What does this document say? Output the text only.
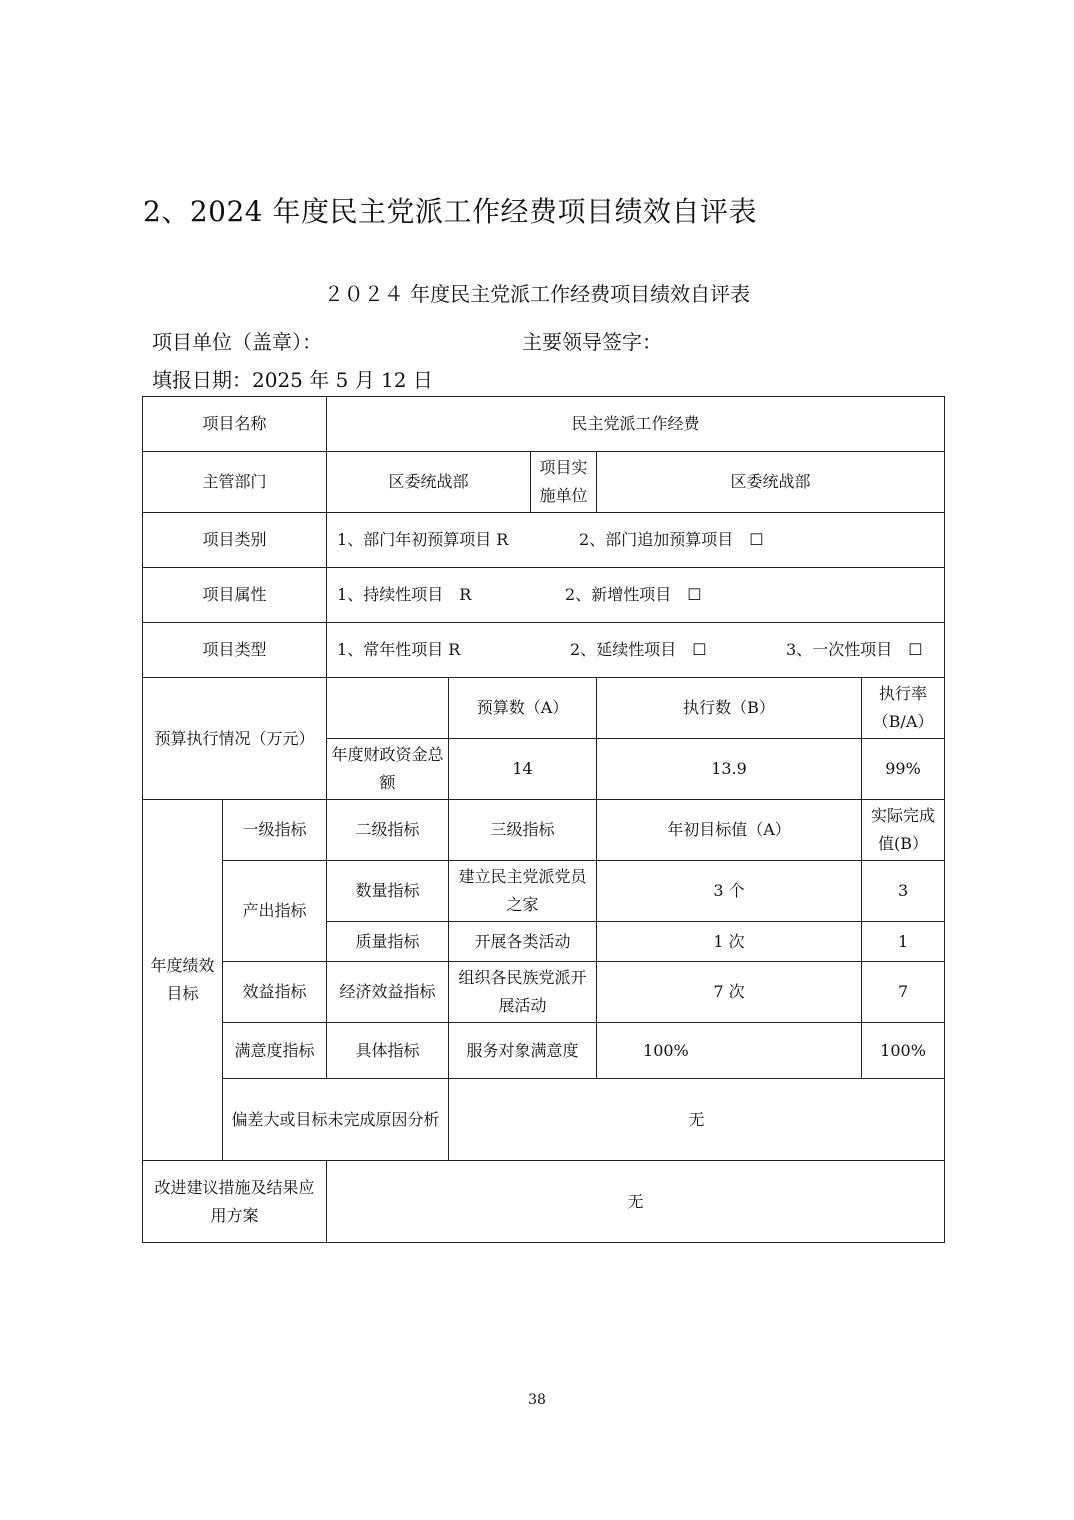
2、2024 年度民主党派工作经费项目绩效自评表
２０２４ 年度民主党派工作经费项目绩效自评表
项目单位（盖章）：	主要领导签字：
填报日期：2025 年 5 月 12 日
项目名称		民主党派工作经费				
主管部门		区委统战部		项目实施单位	区委统战部	
项目类别		1、部门年初预算项目 R 2、部门追加预算项目　☐				

项目属性		1、持续性项目　R 2、新增性项目　☐				

项目类型		1、常年性项目 R 2、延续性项目　☐ 3、一次性项目　☐				

预算执行情况（万元）			预算数（A）		执行数（B）	执行率（B/A）
		年度财政资金总额	14		13.9	99%
年度绩效目标	一级指标	二级指标	三级指标		年初目标值（A）	实际完成值(B）
	产出指标	数量指标	建立民主党派党员之家		3 个	3
		质量指标	开展各类活动		1 次	1
	效益指标	经济效益指标	组织各民族党派开展活动		7 次	7
	满意度指标	具体指标	服务对象满意度		100%	100%
	偏差大或目标未完成原因分析		无			
改进建议措施及结果应用方案		无				
38
